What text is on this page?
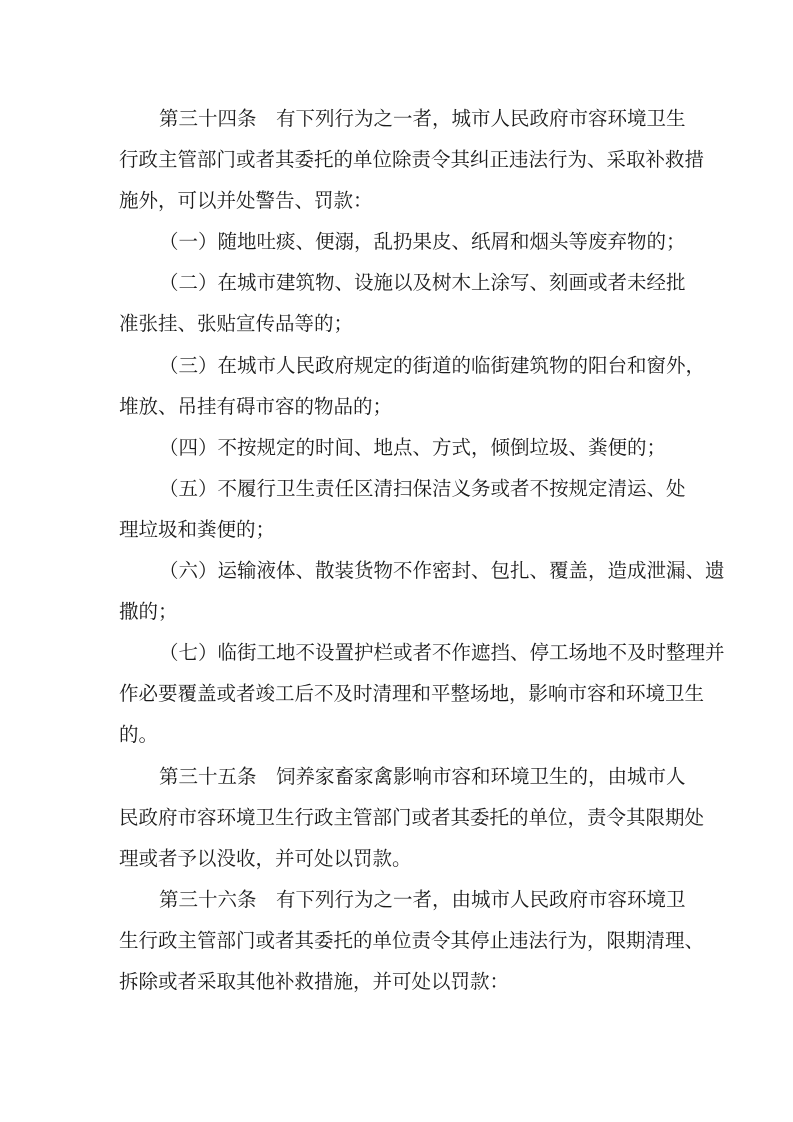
第三十四条　有下列行为之一者，城市人民政府市容环境卫生

行政主管部门或者其委托的单位除责令其纠正违法行为、采取补救措

施外，可以并处警告、罚款：

（一）随地吐痰、便溺，乱扔果皮、纸屑和烟头等废弃物的；

（二）在城市建筑物、设施以及树木上涂写、刻画或者未经批

准张挂、张贴宣传品等的；

（三）在城市人民政府规定的街道的临街建筑物的阳台和窗外，

堆放、吊挂有碍市容的物品的；

（四）不按规定的时间、地点、方式，倾倒垃圾、粪便的；

（五）不履行卫生责任区清扫保洁义务或者不按规定清运、处

理垃圾和粪便的；

（六）运输液体、散装货物不作密封、包扎、覆盖，造成泄漏、遗

撒的；

（七）临街工地不设置护栏或者不作遮挡、停工场地不及时整理并

作必要覆盖或者竣工后不及时清理和平整场地，影响市容和环境卫生

的。

第三十五条　饲养家畜家禽影响市容和环境卫生的，由城市人

民政府市容环境卫生行政主管部门或者其委托的单位，责令其限期处

理或者予以没收，并可处以罚款。

第三十六条　有下列行为之一者，由城市人民政府市容环境卫

生行政主管部门或者其委托的单位责令其停止违法行为，限期清理、

拆除或者采取其他补救措施，并可处以罚款：
